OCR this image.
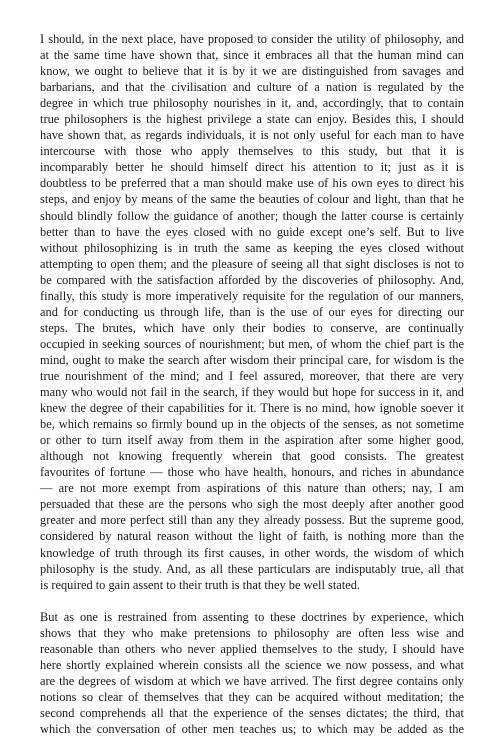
I should, in the next place, have proposed to consider the utility of philosophy, and
at the same time have shown that, since it embraces all that the human mind can
know, we ought to believe that it is by it we are distinguished from savages and
barbarians, and that the civilisation and culture of a nation is regulated by the
degree in which true philosophy nourishes in it, and, accordingly, that to contain
true philosophers is the highest privilege a state can enjoy. Besides this, I should
have shown that, as regards individuals, it is not only useful for each man to have
intercourse with those who apply themselves to this study, but that it is
incomparably better he should himself direct his attention to it; just as it is
doubtless to be preferred that a man should make use of his own eyes to direct his
steps, and enjoy by means of the same the beauties of colour and light, than that he
should blindly follow the guidance of another; though the latter course is certainly
better than to have the eyes closed with no guide except one’s self. But to live
without philosophizing is in truth the same as keeping the eyes closed without
attempting to open them; and the pleasure of seeing all that sight discloses is not to
be compared with the satisfaction afforded by the discoveries of philosophy. And,
finally, this study is more imperatively requisite for the regulation of our manners,
and for conducting us through life, than is the use of our eyes for directing our
steps. The brutes, which have only their bodies to conserve, are continually
occupied in seeking sources of nourishment; but men, of whom the chief part is the
mind, ought to make the search after wisdom their principal care, for wisdom is the
true nourishment of the mind; and I feel assured, moreover, that there are very
many who would not fail in the search, if they would but hope for success in it, and
knew the degree of their capabilities for it. There is no mind, how ignoble soever it
be, which remains so firmly bound up in the objects of the senses, as not sometime
or other to turn itself away from them in the aspiration after some higher good,
although not knowing frequently wherein that good consists. The greatest
favourites of fortune — those who have health, honours, and riches in abundance
— are not more exempt from aspirations of this nature than others; nay, I am
persuaded that these are the persons who sigh the most deeply after another good
greater and more perfect still than any they already possess. But the supreme good,
considered by natural reason without the light of faith, is nothing more than the
knowledge of truth through its first causes, in other words, the wisdom of which
philosophy is the study. And, as all these particulars are indisputably true, all that
is required to gain assent to their truth is that they be well stated.
But as one is restrained from assenting to these doctrines by experience, which
shows that they who make pretensions to philosophy are often less wise and
reasonable than others who never applied themselves to the study, I should have
here shortly explained wherein consists all the science we now possess, and what
are the degrees of wisdom at which we have arrived. The first degree contains only
notions so clear of themselves that they can be acquired without meditation; the
second comprehends all that the experience of the senses dictates; the third, that
which the conversation of other men teaches us; to which may be added as the
